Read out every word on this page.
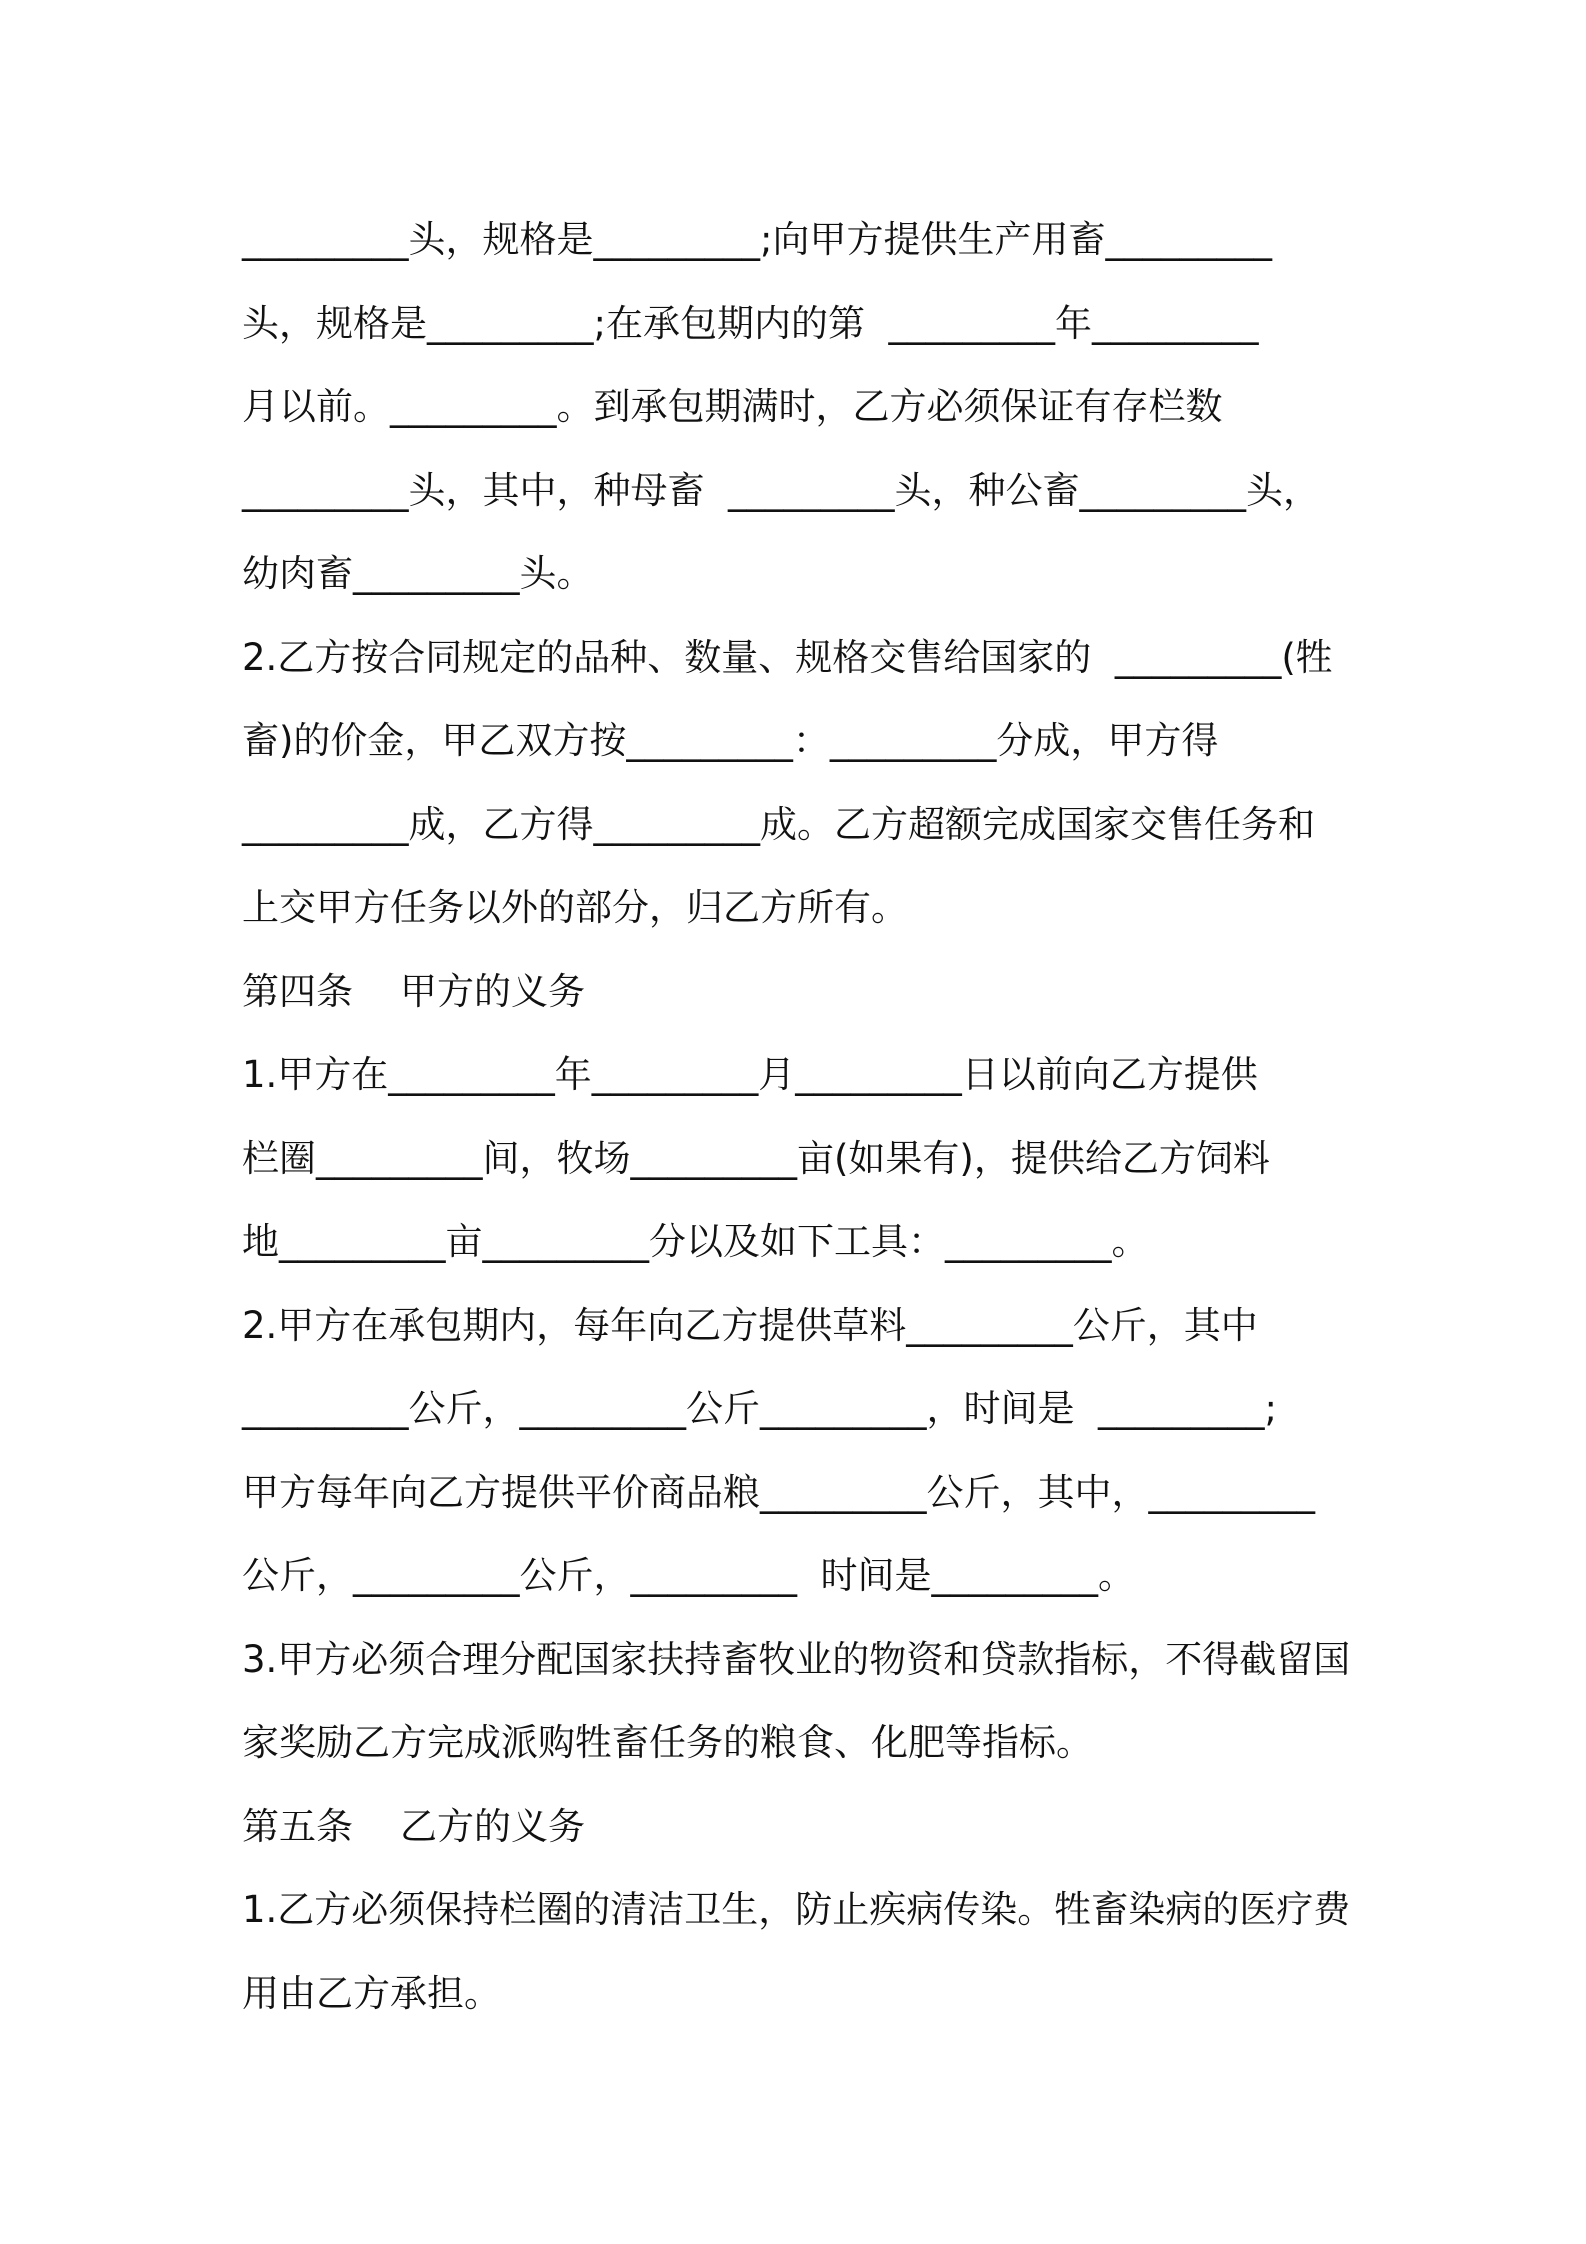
_________头，规格是_________;向甲方提供生产用畜_________
头，规格是_________;在承包期内的第  _________年_________
月以前。_________。到承包期满时，乙方必须保证有存栏数
_________头，其中，种母畜  _________头，种公畜_________头，
幼肉畜_________头。
2.乙方按合同规定的品种、数量、规格交售给国家的  _________(牲
畜)的价金，甲乙双方按_________：_________分成，甲方得
_________成，乙方得_________成。乙方超额完成国家交售任务和
上交甲方任务以外的部分，归乙方所有。
第四条    甲方的义务
1.甲方在_________年_________月_________日以前向乙方提供
栏圈_________间，牧场_________亩(如果有)，提供给乙方饲料
地_________亩_________分以及如下工具：_________。
2.甲方在承包期内，每年向乙方提供草料_________公斤，其中
_________公斤，_________公斤_________，时间是  _________;
甲方每年向乙方提供平价商品粮_________公斤，其中，_________
公斤，_________公斤，_________  时间是_________。
3.甲方必须合理分配国家扶持畜牧业的物资和贷款指标，不得截留国
家奖励乙方完成派购牲畜任务的粮食、化肥等指标。
第五条    乙方的义务
1.乙方必须保持栏圈的清洁卫生，防止疾病传染。牲畜染病的医疗费
用由乙方承担。
